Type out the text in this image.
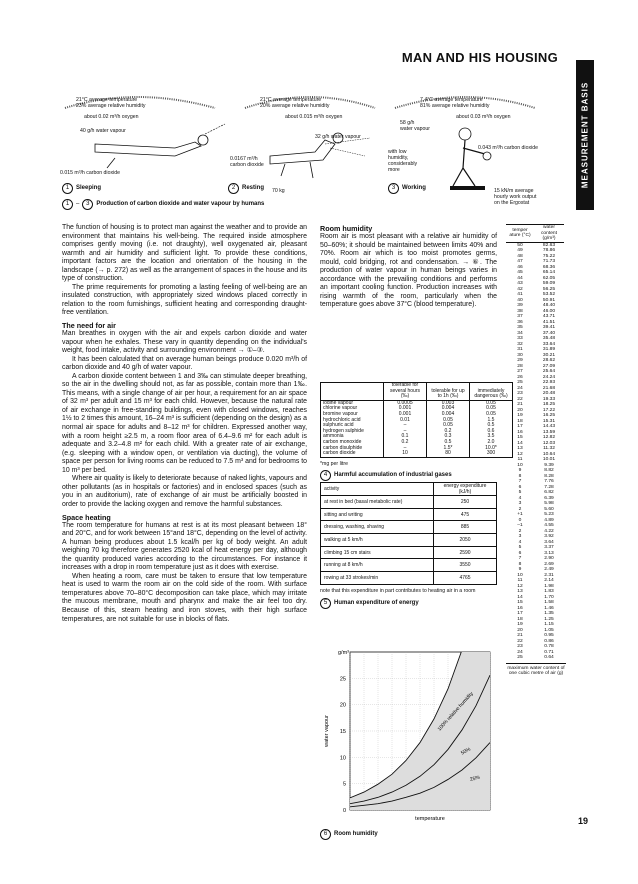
MAN AND HIS HOUSING
MEASUREMENT BASIS
21°C average temperature
23% average relative humidity
about 0.02 m³/h oxygen
40 g/h water vapour
0.015 m³/h carbon dioxide
21°C average temperature
20% average relative humidity
about 0.015 m³/h oxygen
32 g/h water vapour
0.0167 m³/h
carbon dioxide
70 kg
7.4°C average temperature
81% average relative humidity
about 0.03 m³/h oxygen
58 g/h
water vapour
0.043 m³/h carbon dioxide
with low
humidity,
considerably
more
15 kN/m average
hourly work output
on the Ergostat
1 Sleeping	2 Resting	3 Working
1 – 3 Production of carbon dioxide and water vapour by humans

The function of housing is to protect man against the weather and to provide an environment that maintains his well-being. The required inside atmosphere comprises gently moving (i.e. not draughty), well oxygenated air, pleasant warmth and air humidity and sufficient light. To provide these conditions, important factors are the location and orientation of the housing in the landscape (→ p. 272) as well as the arrangement of spaces in the house and its type of construction.

The prime requirements for promoting a lasting feeling of well-being are an insulated construction, with appropriately sized windows placed correctly in relation to the room furnishings, sufficient heating and corresponding draught-free ventilation.

The need for air

Man breathes in oxygen with the air and expels carbon dioxide and water vapour when he exhales. These vary in quantity depending on the individual's weight, food intake, activity and surrounding environment → ①–③.

It has been calculated that on average human beings produce 0.020 m³/h of carbon dioxide and 40 g/h of water vapour.

A carbon dioxide content between 1 and 3‰ can stimulate deeper breathing, so the air in the dwelling should not, as far as possible, contain more than 1‰. This means, with a single change of air per hour, a requirement for an air space of 32 m³ per adult and 15 m³ for each child. However, because the natural rate of air exchange in free-standing buildings, even with closed windows, reaches 1½ to 2 times this amount, 16–24 m³ is sufficient (depending on the design) as a normal air space for adults and 8–12 m³ for children. Expressed another way, with a room height ≥2.5 m, a room floor area of 6.4–9.6 m² for each adult is adequate and 3.2–4.8 m² for each child. With a greater rate of air exchange, (e.g. sleeping with a window open, or ventilation via ducting), the volume of space per person for living rooms can be reduced to 7.5 m³ and for bedrooms to 10 m³ per bed.

Where air quality is likely to deteriorate because of naked lights, vapours and other pollutants (as in hospitals or factories) and in enclosed spaces (such as you in an auditorium), rate of exchange of air must be artificially boosted in order to provide the lacking oxygen and remove the harmful substances.

Space heating

The room temperature for humans at rest is at its most pleasant between 18° and 20°C, and for work between 15°and 18°C, depending on the level of activity. A human being produces about 1.5 kcal/h per kg of body weight. An adult weighing 70 kg therefore generates 2520 kcal of heat energy per day, although the quantity produced varies according to the circumstances. For instance it increases with a drop in room temperature just as it does with exercise.

When heating a room, care must be taken to ensure that low temperature heat is used to warm the room air on the cold side of the room. With surface temperatures above 70–80°C decomposition can take place, which may irritate the mucous membrane, mouth and pharynx and make the air feel too dry. Because of this, steam heating and iron stoves, with their high surface temperatures, are not suitable for use in blocks of flats.

Room humidity

Room air is most pleasant with a relative air humidity of 50–60%; it should be maintained between limits 40% and 70%. Room air which is too moist promotes germs, mould, cold bridging, rot and condensation. → ⑥. The production of water vapour in human beings varies in accordance with the prevailing conditions and performs an important cooling function. Production increases with rising warmth of the room, particularly when the temperature goes above 37°C (blood temperature).

	tolerable for several hours (‰)	tolerable for up to 1h (‰)	immediately dangerous (‰)
iodine vapour	0.0005	0.003	0.05
chlorine vapour	0.001	0.004	0.05
bromine vapour	0.001	0.004	0.05
hydrochloric acid	0.01	0.05	1.5
sulphuric acid	–	0.05	0.5
hydrogen sulphide	–	0.2	0.6
ammonia	0.1	0.3	3.5
carbon monoxide	0.2	0.5	2.0
carbon disulphide	–	1.5*	10.0*
carbon dioxide	10	80	300
*mg per litre
4 Harmful accumulation of industrial gases
activity	energy expenditure (kJ/h)
at rest in bed (basal metabolic rate)	250
sitting and writing	475
dressing, washing, shaving	885
walking at 5 km/h	2050
climbing 15 cm stairs	2590
running at 8 km/h	3550
rowing at 33 strokes/min	4765
note that this expenditure in part contributes to heating air in a room
5 Human expenditure of energy
0
5
10
15
20
25
g/m³
water vapour
temperature
100% relative humidity
50%
25%
6 Room humidity
temper ature (°C)	water content (g/m³)
50	82.63
49	78.86
48	75.22
47	71.73
46	68.36
45	65.14
44	62.05
43	59.09
42	56.25
41	53.52
40	50.91
39	48.40
38	46.00
37	43.71
36	41.51
35	39.41
34	37.40
33	35.48
32	33.64
31	31.89
30	30.21
29	28.62
28	27.09
27	25.64
26	24.24
25	22.93
24	21.68
23	20.48
22	19.33
21	18.25
20	17.22
19	16.25
18	15.31
17	14.43
16	13.59
15	12.82
14	12.03
13	11.32
12	10.64
11	10.01
10	9.39
9	8.82
8	8.28
7	7.76
6	7.28
5	6.82
4	6.39
3	5.98
2	5.60
+1	5.23
0	4.89
–1	4.55
2	4.22
3	3.92
4	3.64
5	3.37
6	3.13
7	2.90
8	2.69
9	2.49
10	2.31
11	2.14
12	1.98
13	1.83
14	1.70
15	1.58
16	1.46
17	1.35
18	1.25
19	1.15
20	1.05
21	0.95
22	0.86
23	0.78
24	0.71
25	0.64
maximum water content of one cubic metre of air (g)
19
